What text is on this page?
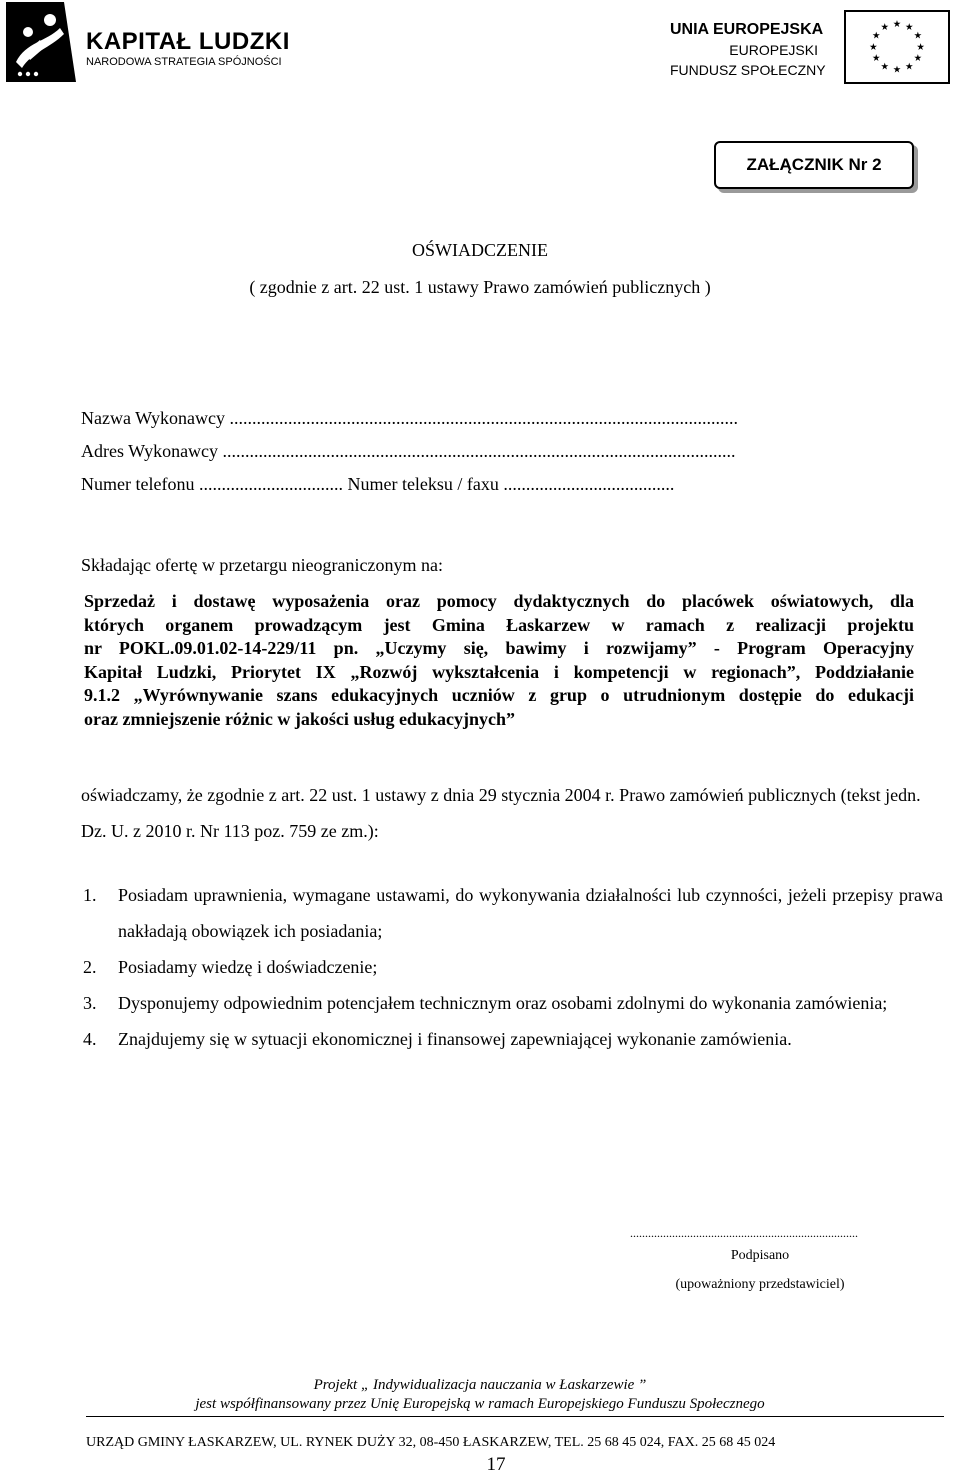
KAPITAŁ LUDZKI
NARODOWA STRATEGIA SPÓJNOŚCI
UNIA EUROPEJSKA
EUROPEJSKI
FUNDUSZ SPOŁECZNY
★ ★
★
★
★
★
★
★
★
★
★
★
ZAŁĄCZNIK Nr 2
OŚWIADCZENIE
( zgodnie z art. 22 ust. 1 ustawy Prawo zamówień publicznych )
Nazwa Wykonawcy .................................................................................................................
Adres Wykonawcy ..................................................................................................................
Numer telefonu ................................ Numer teleksu / faxu ......................................
Składając ofertę w przetargu nieograniczonym na:
Sprzedaż i dostawę wyposażenia oraz pomocy dydaktycznych do placówek oświatowych, dla
których organem prowadzącym jest Gmina Łaskarzew w ramach z realizacji projektu
nr POKL.09.01.02-14-229/11 pn. „Uczymy się, bawimy i rozwijamy” - Program Operacyjny
Kapitał Ludzki, Priorytet IX „Rozwój wykształcenia i kompetencji w regionach”, Poddziałanie
9.1.2 „Wyrównywanie szans edukacyjnych uczniów z grup o utrudnionym dostępie do edukacji
oraz zmniejszenie różnic w jakości usług edukacyjnych”
oświadczamy, że zgodnie z art. 22 ust. 1 ustawy z dnia 29 stycznia 2004 r. Prawo zamówień publicznych (tekst jedn. Dz. U. z 2010 r. Nr 113 poz. 759 ze zm.):
1. Posiadam uprawnienia, wymagane ustawami, do wykonywania działalności lub czynności, jeżeli przepisy prawa nakładają obowiązek ich posiadania;
2. Posiadamy wiedzę i doświadczenie;
3. Dysponujemy odpowiednim potencjałem technicznym oraz osobami zdolnymi do wykonania zamówienia;
4. Znajdujemy się w sytuacji ekonomicznej i finansowej zapewniającej wykonanie zamówienia.
............................................................................
Podpisano
(upoważniony przedstawiciel)
Projekt „ Indywidualizacja nauczania w Łaskarzewie ”
jest współfinansowany przez Unię Europejską w ramach Europejskiego Funduszu Społecznego
URZĄD GMINY ŁASKARZEW, UL. RYNEK DUŻY 32, 08-450 ŁASKARZEW, TEL. 25 68 45 024, FAX. 25 68 45 024
17
